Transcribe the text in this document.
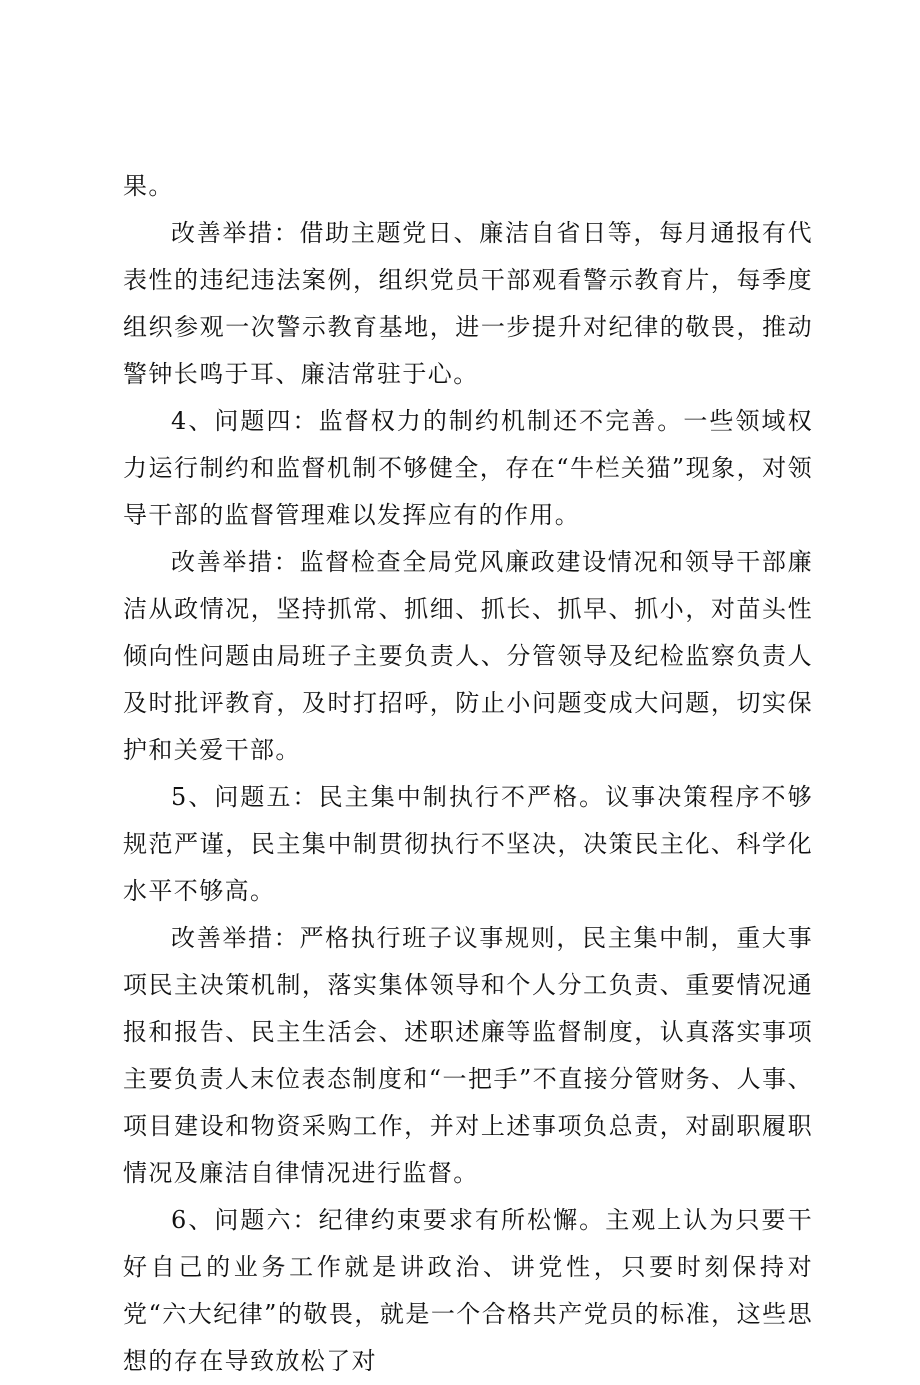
果。

改善举措：借助主题党日、廉洁自省日等，每月通报有代表性的违纪违法案例，组织党员干部观看警示教育片，每季度组织参观一次警示教育基地，进一步提升对纪律的敬畏，推动警钟长鸣于耳、廉洁常驻于心。

4、问题四：监督权力的制约机制还不完善。一些领域权力运行制约和监督机制不够健全，存在“牛栏关猫”现象，对领导干部的监督管理难以发挥应有的作用。

改善举措：监督检查全局党风廉政建设情况和领导干部廉洁从政情况，坚持抓常、抓细、抓长、抓早、抓小，对苗头性倾向性问题由局班子主要负责人、分管领导及纪检监察负责人及时批评教育，及时打招呼，防止小问题变成大问题，切实保护和关爱干部。

5、问题五：民主集中制执行不严格。议事决策程序不够规范严谨，民主集中制贯彻执行不坚决，决策民主化、科学化水平不够高。

改善举措：严格执行班子议事规则，民主集中制，重大事项民主决策机制，落实集体领导和个人分工负责、重要情况通报和报告、民主生活会、述职述廉等监督制度，认真落实事项主要负责人末位表态制度和“一把手”不直接分管财务、人事、项目建设和物资采购工作，并对上述事项负总责，对副职履职情况及廉洁自律情况进行监督。

6、问题六：纪律约束要求有所松懈。主观上认为只要干好自己的业务工作就是讲政治、讲党性，只要时刻保持对党“六大纪律”的敬畏，就是一个合格共产党员的标准，这些思想的存在导致放松了对
